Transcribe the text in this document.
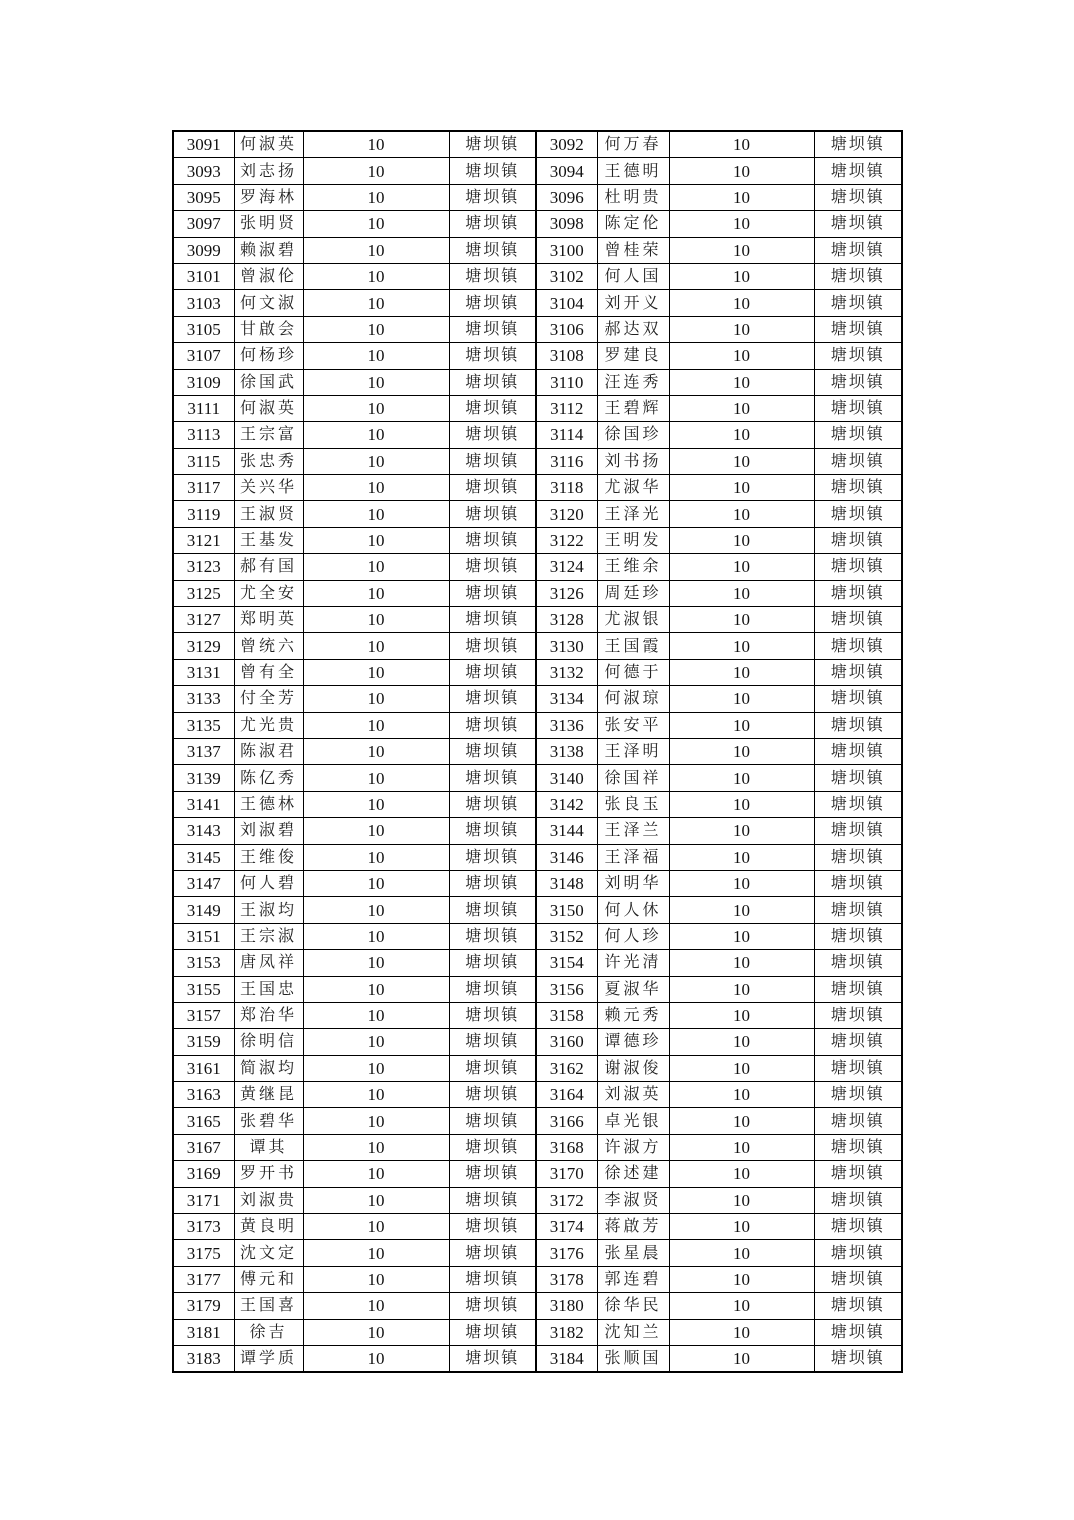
3091	何淑英	10	塘坝镇	3092	何万春	10	塘坝镇
3093	刘志扬	10	塘坝镇	3094	王德明	10	塘坝镇
3095	罗海林	10	塘坝镇	3096	杜明贵	10	塘坝镇
3097	张明贤	10	塘坝镇	3098	陈定伦	10	塘坝镇
3099	赖淑碧	10	塘坝镇	3100	曾桂荣	10	塘坝镇
3101	曾淑伦	10	塘坝镇	3102	何人国	10	塘坝镇
3103	何文淑	10	塘坝镇	3104	刘开义	10	塘坝镇
3105	甘啟会	10	塘坝镇	3106	郝达双	10	塘坝镇
3107	何杨珍	10	塘坝镇	3108	罗建良	10	塘坝镇
3109	徐国武	10	塘坝镇	3110	汪连秀	10	塘坝镇
3111	何淑英	10	塘坝镇	3112	王碧辉	10	塘坝镇
3113	王宗富	10	塘坝镇	3114	徐国珍	10	塘坝镇
3115	张忠秀	10	塘坝镇	3116	刘书扬	10	塘坝镇
3117	关兴华	10	塘坝镇	3118	尤淑华	10	塘坝镇
3119	王淑贤	10	塘坝镇	3120	王泽光	10	塘坝镇
3121	王基发	10	塘坝镇	3122	王明发	10	塘坝镇
3123	郝有国	10	塘坝镇	3124	王维余	10	塘坝镇
3125	尤全安	10	塘坝镇	3126	周廷珍	10	塘坝镇
3127	郑明英	10	塘坝镇	3128	尤淑银	10	塘坝镇
3129	曾统六	10	塘坝镇	3130	王国霞	10	塘坝镇
3131	曾有全	10	塘坝镇	3132	何德于	10	塘坝镇
3133	付全芳	10	塘坝镇	3134	何淑琼	10	塘坝镇
3135	尤光贵	10	塘坝镇	3136	张安平	10	塘坝镇
3137	陈淑君	10	塘坝镇	3138	王泽明	10	塘坝镇
3139	陈亿秀	10	塘坝镇	3140	徐国祥	10	塘坝镇
3141	王德林	10	塘坝镇	3142	张良玉	10	塘坝镇
3143	刘淑碧	10	塘坝镇	3144	王泽兰	10	塘坝镇
3145	王维俊	10	塘坝镇	3146	王泽福	10	塘坝镇
3147	何人碧	10	塘坝镇	3148	刘明华	10	塘坝镇
3149	王淑均	10	塘坝镇	3150	何人休	10	塘坝镇
3151	王宗淑	10	塘坝镇	3152	何人珍	10	塘坝镇
3153	唐凤祥	10	塘坝镇	3154	许光清	10	塘坝镇
3155	王国忠	10	塘坝镇	3156	夏淑华	10	塘坝镇
3157	郑治华	10	塘坝镇	3158	赖元秀	10	塘坝镇
3159	徐明信	10	塘坝镇	3160	谭德珍	10	塘坝镇
3161	简淑均	10	塘坝镇	3162	谢淑俊	10	塘坝镇
3163	黄继昆	10	塘坝镇	3164	刘淑英	10	塘坝镇
3165	张碧华	10	塘坝镇	3166	卓光银	10	塘坝镇
3167	谭其	10	塘坝镇	3168	许淑方	10	塘坝镇
3169	罗开书	10	塘坝镇	3170	徐述建	10	塘坝镇
3171	刘淑贵	10	塘坝镇	3172	李淑贤	10	塘坝镇
3173	黄良明	10	塘坝镇	3174	蒋啟芳	10	塘坝镇
3175	沈文定	10	塘坝镇	3176	张星晨	10	塘坝镇
3177	傅元和	10	塘坝镇	3178	郭连碧	10	塘坝镇
3179	王国喜	10	塘坝镇	3180	徐华民	10	塘坝镇
3181	徐吉	10	塘坝镇	3182	沈知兰	10	塘坝镇
3183	谭学质	10	塘坝镇	3184	张顺国	10	塘坝镇
